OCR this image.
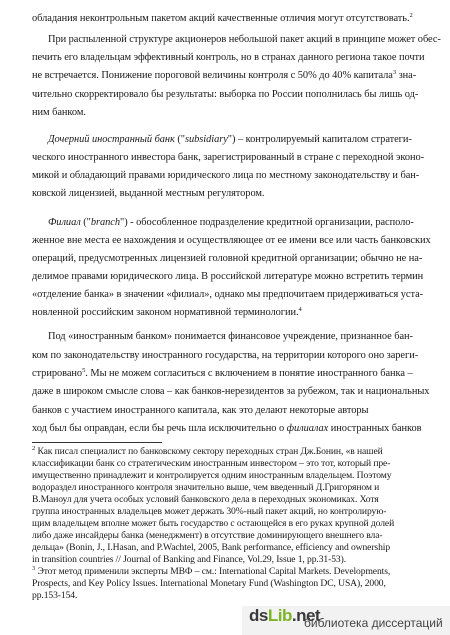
обладания неконтрольным пакетом акций качественные отличия могут отсутствовать.$^2$
При распыленной структуре акционеров небольшой пакет акций в принципе может обес-
печить его владельцам эффективный контроль, но в странах данного региона такое почти
не встречается. Понижение пороговой величины контроля с 50% до 40% капитала$^3$ зна-
чительно скорректировало бы результаты: выборка по России пополнилась бы лишь од-
ним банком.
Дочерний иностранный банк ("subsidiary") – контролируемый капиталом стратеги-
ческого иностранного инвестора банк, зарегистрированный в стране с переходной эконо-
микой и обладающий правами юридического лица по местному законодательству и бан-
ковской лицензией, выданной местным регулятором.
Филиал ("branch") - обособленное подразделение кредитной организации, располо-
женное вне места ее нахождения и осуществляющее от ее имени все или часть банковских
операций, предусмотренных лицензией головной кредитной организации; обычно не на-
делимое правами юридического лица. В российской литературе можно встретить термин
«отделение банка» в значении «филиал», однако мы предпочитаем придерживаться уста-
новленной российским законом нормативной терминологии.$^4$
Под «иностранным банком» понимается финансовое учреждение, признанное бан-
ком по законодательству иностранного государства, на территории которого оно зареги-
стрировано$^5$. Мы не можем согласиться с включением в понятие иностранного банка –
даже в широком смысле слова – как банков-нерезидентов за рубежом, так и национальных
банков с участием иностранного капитала, как это делают некоторые авторы
ход был бы оправдан, если бы речь шла исключительно о филиалах иностранных банков
$^2$ Как писал специалист по банковскому сектору переходных стран Дж.Бонин, «в нашей
классификации банк со стратегическим иностранным инвестором – это тот, который пре-
имущественно принадлежит и контролируется одним иностранным владельцем. Поэтому
водораздел иностранного контроля значительно выше, чем введенный Д.Григоряном и
В.Маноул для учета особых условий банковского дела в переходных экономиках. Хотя
группа иностранных владельцев может держать 30%-ный пакет акций, но контролирую-
щим владельцем вполне может быть государство с остающейся в его руках крупной долей
либо даже инсайдеры банка (менеджмент) в отсутствие доминирующего внешнего вла-
дельца» (Bonin, J., I.Hasan, and P.Wachtel, 2005, Bank performance, efficiency and ownership
in transition countries // Journal of Banking and Finance, Vol.29, Issue 1, pp.31-53).
$^3$ Этот метод применили эксперты МВФ – см.: International Capital Markets. Developments,
Prospects, and Key Policy Issues. International Monetary Fund (Washington DC, USA), 2000,
pp.153-154.
dsLib.net
библиотека диссертаций
